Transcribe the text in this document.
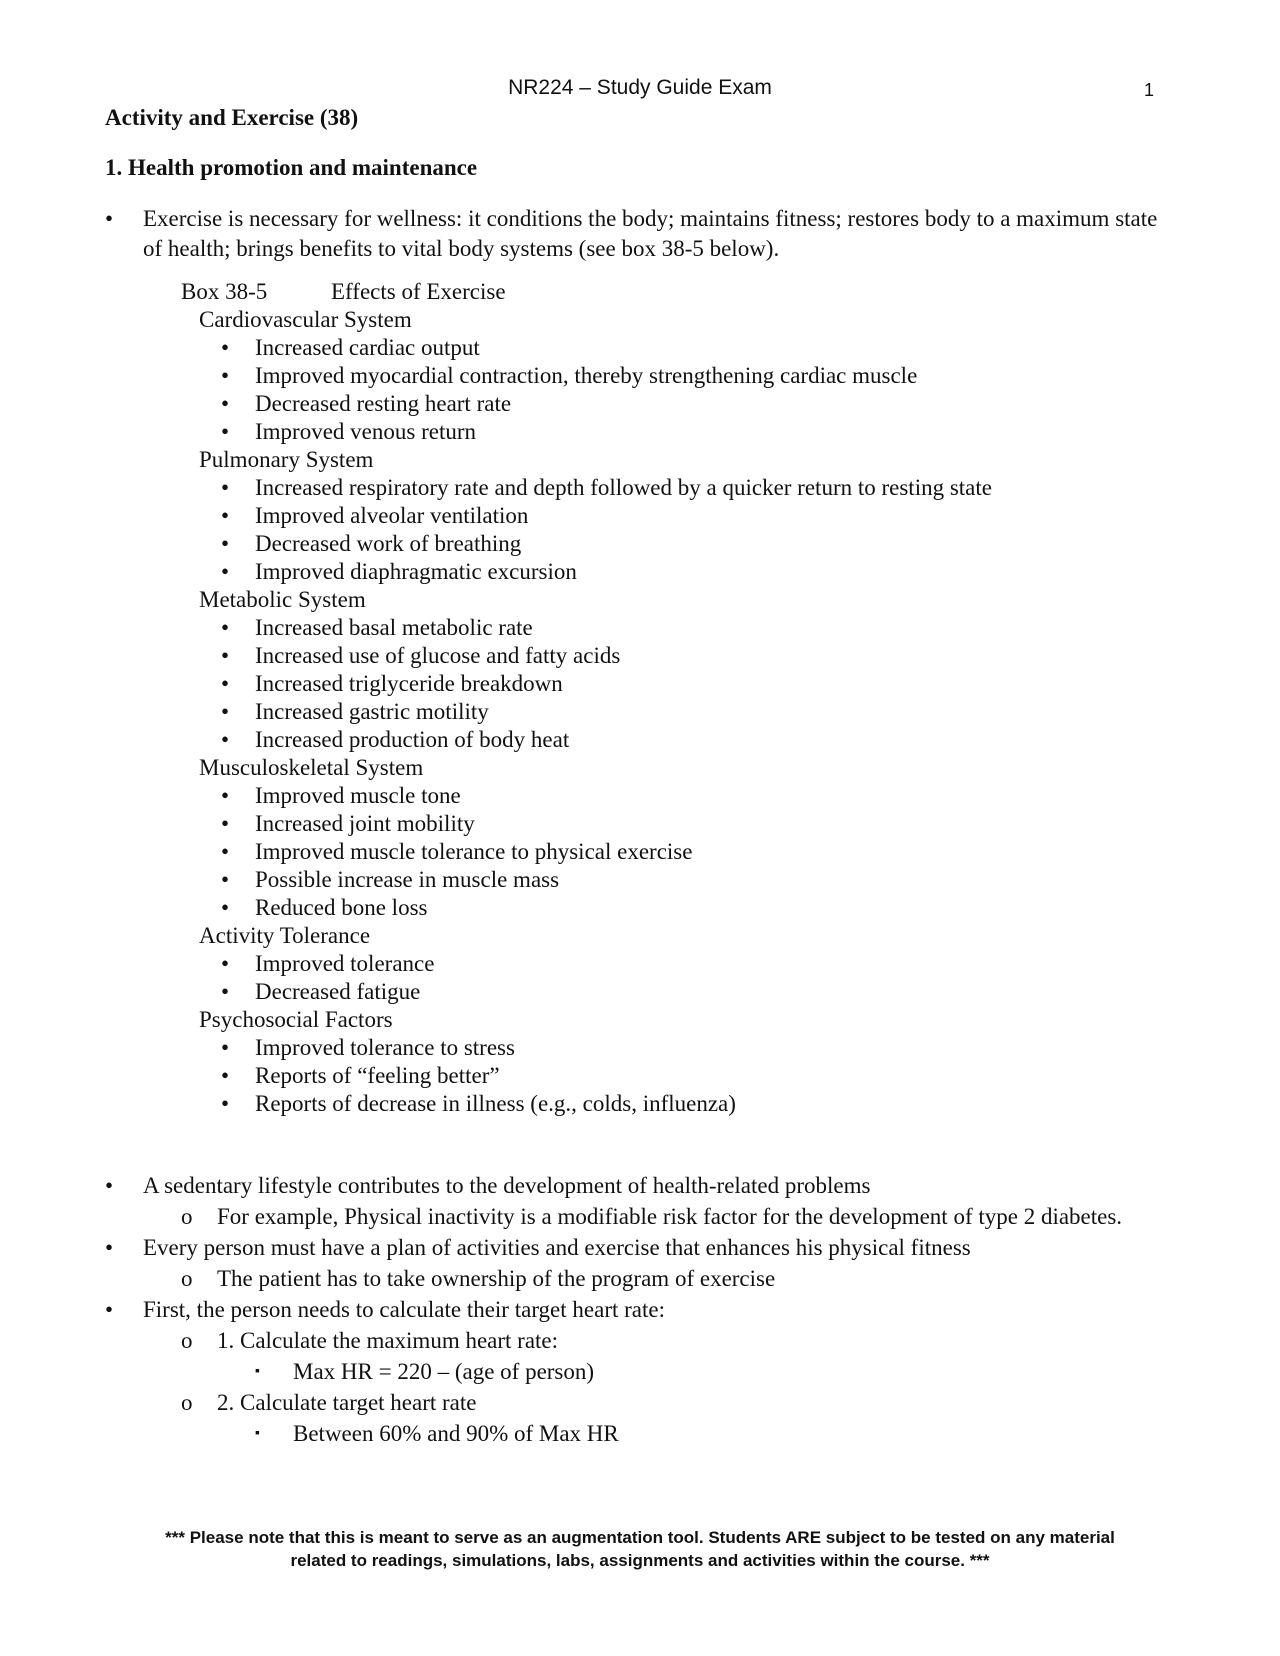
NR224 – Study Guide Exam	1
Activity and Exercise (38)
1. Health promotion and maintenance
• Exercise is necessary for wellness: it conditions the body; maintains fitness; restores body to a maximum state of health; brings benefits to vital body systems (see box 38-5 below).
Box 38-5	Effects of Exercise
Cardiovascular System
• Increased cardiac output
• Improved myocardial contraction, thereby strengthening cardiac muscle
• Decreased resting heart rate
• Improved venous return
Pulmonary System
• Increased respiratory rate and depth followed by a quicker return to resting state
• Improved alveolar ventilation
• Decreased work of breathing
• Improved diaphragmatic excursion
Metabolic System
• Increased basal metabolic rate
• Increased use of glucose and fatty acids
• Increased triglyceride breakdown
• Increased gastric motility
• Increased production of body heat
Musculoskeletal System
• Improved muscle tone
• Increased joint mobility
• Improved muscle tolerance to physical exercise
• Possible increase in muscle mass
• Reduced bone loss
Activity Tolerance
• Improved tolerance
• Decreased fatigue
Psychosocial Factors
• Improved tolerance to stress
• Reports of “feeling better”
• Reports of decrease in illness (e.g., colds, influenza)
• A sedentary lifestyle contributes to the development of health-related problems
o For example, Physical inactivity is a modifiable risk factor for the development of type 2 diabetes.
• Every person must have a plan of activities and exercise that enhances his physical fitness
o The patient has to take ownership of the program of exercise
• First, the person needs to calculate their target heart rate:
o 1. Calculate the maximum heart rate:
▪ Max HR = 220 – (age of person)
o 2. Calculate target heart rate
▪ Between 60% and 90% of Max HR
*** Please note that this is meant to serve as an augmentation tool. Students ARE subject to be tested on any material
related to readings, simulations, labs, assignments and activities within the course. ***
